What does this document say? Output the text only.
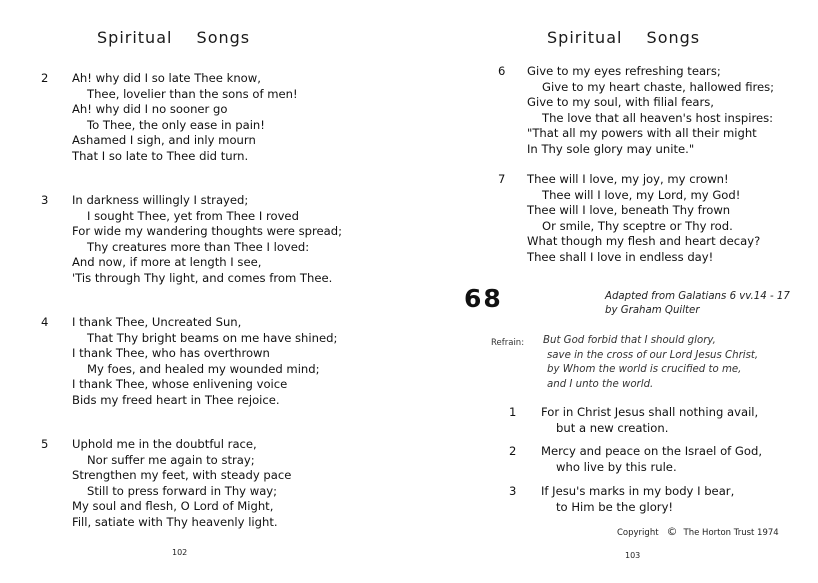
Spiritual Songs
2	Ah! why did I so late Thee know,
Thee, lovelier than the sons of men!
Ah! why did I no sooner go
To Thee, the only ease in pain!
Ashamed I sigh, and inly mourn
That I so late to Thee did turn.
3	In darkness willingly I strayed;
I sought Thee, yet from Thee I roved
For wide my wandering thoughts were spread;
Thy creatures more than Thee I loved:
And now, if more at length I see,
'Tis through Thy light, and comes from Thee.
4	I thank Thee, Uncreated Sun,
That Thy bright beams on me have shined;
I thank Thee, who has overthrown
My foes, and healed my wounded mind;
I thank Thee, whose enlivening voice
Bids my freed heart in Thee rejoice.
5	Uphold me in the doubtful race,
Nor suffer me again to stray;
Strengthen my feet, with steady pace
Still to press forward in Thy way;
My soul and flesh, O Lord of Might,
Fill, satiate with Thy heavenly light.
102
Spiritual Songs
6	Give to my eyes refreshing tears;
Give to my heart chaste, hallowed fires;
Give to my soul, with filial fears,
The love that all heaven's host inspires:
"That all my powers with all their might
In Thy sole glory may unite."
7	Thee will I love, my joy, my crown!
Thee will I love, my Lord, my God!
Thee will I love, beneath Thy frown
Or smile, Thy sceptre or Thy rod.
What though my flesh and heart decay?
Thee shall I love in endless day!
68	Adapted from Galatians 6 vv.14 - 17
by Graham Quilter
Refrain: But God forbid that I should glory,
save in the cross of our Lord Jesus Christ,
by Whom the world is crucified to me,
and I unto the world.
1 For in Christ Jesus shall nothing avail,
but a new creation.
2 Mercy and peace on the Israel of God,
who live by this rule.
3 If Jesu's marks in my body I bear,
to Him be the glory!
Copyright © The Horton Trust 1974
103
